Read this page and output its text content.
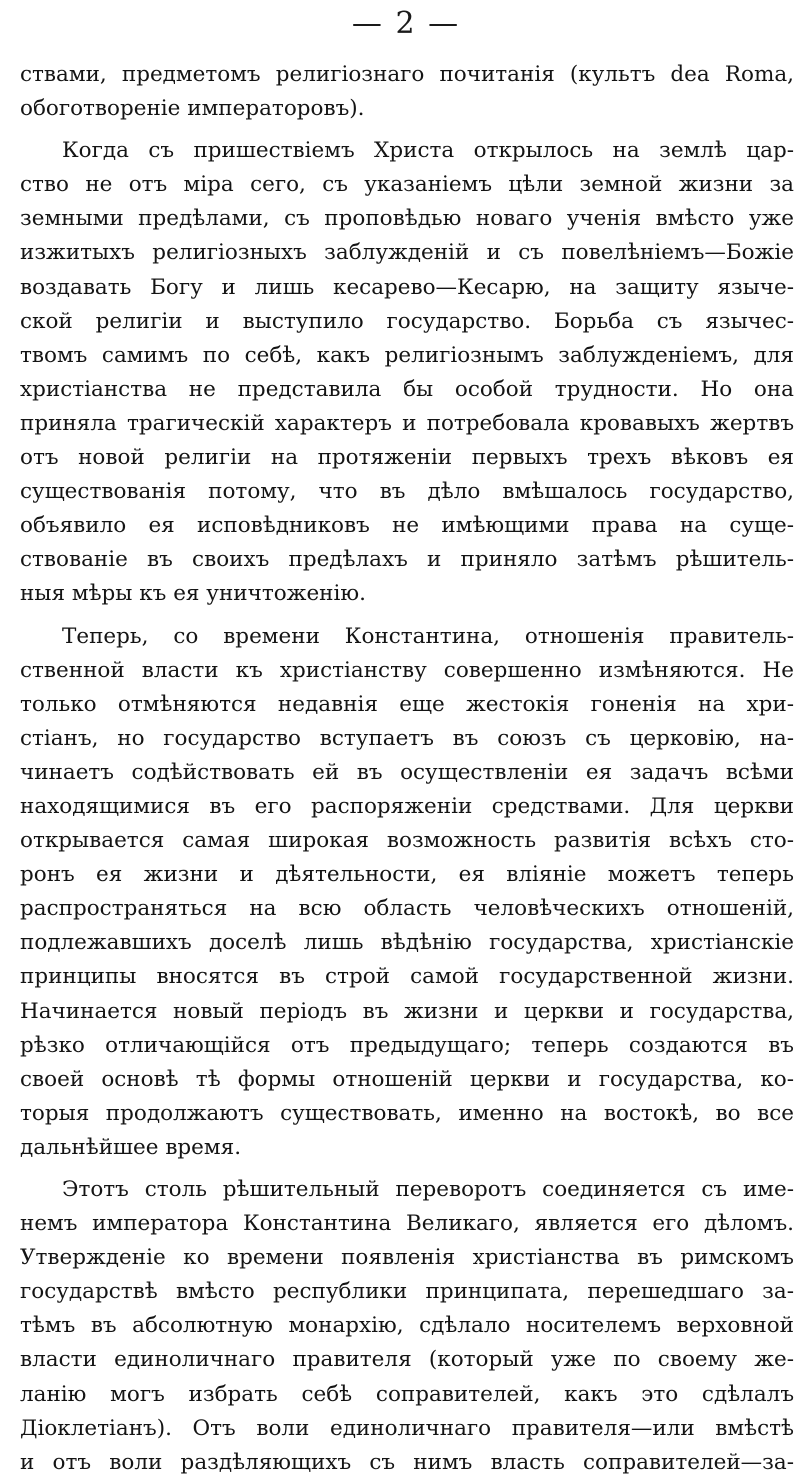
— 2 —
ствами, предметомъ религіознаго почитанія (культъ dea Roma,
обоготвореніе императоровъ).
Когда съ пришествіемъ Христа открылось на землѣ цар-
ство не отъ міра сего, съ указаніемъ цѣли земной жизни за
земными предѣлами, съ проповѣдью новаго ученія вмѣсто уже
изжитыхъ религіозныхъ заблужденій и съ повелѣніемъ—Божіе
воздавать Богу и лишь кесарево—Кесарю, на защиту языче-
ской религіи и выступило государство. Борьба съ язычес-
твомъ самимъ по себѣ, какъ религіознымъ заблужденіемъ, для
христіанства не представила бы особой трудности. Но она
приняла трагическій характеръ и потребовала кровавыхъ жертвъ
отъ новой религіи на протяженіи первыхъ трехъ вѣковъ ея
существованія потому, что въ дѣло вмѣшалось государство,
объявило ея исповѣдниковъ не имѣющими права на суще-
ствованіе въ своихъ предѣлахъ и приняло затѣмъ рѣшитель-
ныя мѣры къ ея уничтоженію.
Теперь, со времени Константина, отношенія правитель-
ственной власти къ христіанству совершенно измѣняются. Не
только отмѣняются недавнія еще жестокія гоненія на хри-
стіанъ, но государство вступаетъ въ союзъ съ церковію, на-
чинаетъ содѣйствовать ей въ осуществленіи ея задачъ всѣми
находящимися въ его распоряженіи средствами. Для церкви
открывается самая широкая возможность развитія всѣхъ сто-
ронъ ея жизни и дѣятельности, ея вліяніе можетъ теперь
распространяться на всю область человѣческихъ отношеній,
подлежавшихъ доселѣ лишь вѣдѣнію государства, христіанскіе
принципы вносятся въ строй самой государственной жизни.
Начинается новый періодъ въ жизни и церкви и государства,
рѣзко отличающійся отъ предыдущаго; теперь создаются въ
своей основѣ тѣ формы отношеній церкви и государства, ко-
торыя продолжаютъ существовать, именно на востокѣ, во все
дальнѣйшее время.
Этотъ столь рѣшительный переворотъ соединяется съ име-
немъ императора Константина Великаго, является его дѣломъ.
Утвержденіе ко времени появленія христіанства въ римскомъ
государствѣ вмѣсто республики принципата, перешедшаго за-
тѣмъ въ абсолютную монархію, сдѣлало носителемъ верховной
власти единоличнаго правителя (который уже по своему же-
ланію могъ избрать себѣ соправителей, какъ это сдѣлалъ
Діоклетіанъ). Отъ воли единоличнаго правителя—или вмѣстѣ
и отъ воли раздѣляющихъ съ нимъ власть соправителей—за-
